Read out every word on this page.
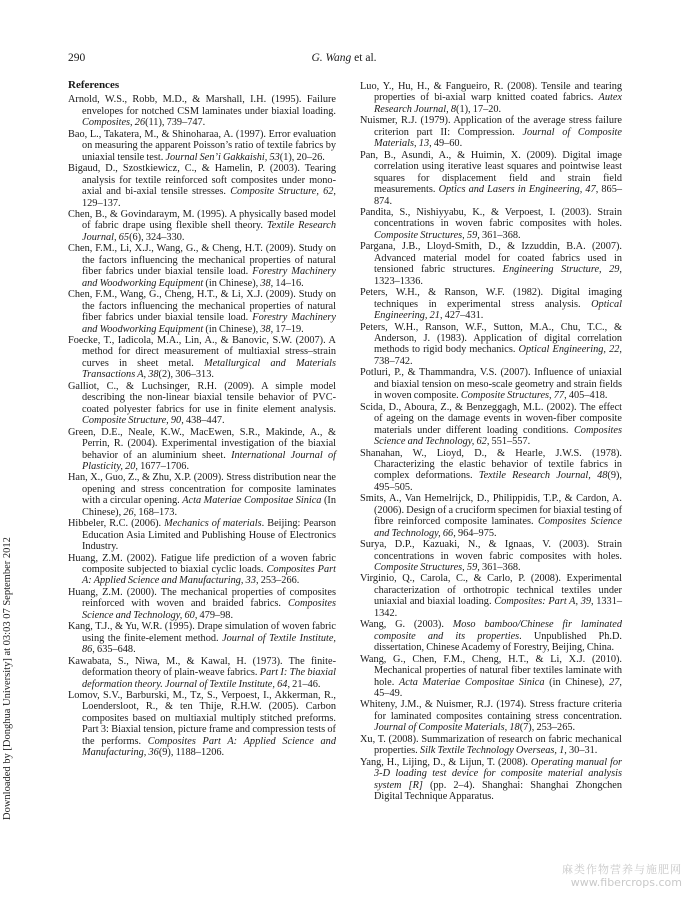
290	G. Wang et al.
Downloaded by [Donghua University] at 03:03 07 September 2012
References

Arnold, W.S., Robb, M.D., & Marshall, I.H. (1995). Failure envelopes for notched CSM laminates under biaxial loading. Composites, 26(11), 739–747.

Bao, L., Takatera, M., & Shinoharaa, A. (1997). Error evaluation on measuring the apparent Poisson’s ratio of textile fabrics by uniaxial tensile test. Journal Sen’i Gakkaishi, 53(1), 20–26.

Bigaud, D., Szostkiewicz, C., & Hamelin, P. (2003). Tearing analysis for textile reinforced soft composites under mono-axial and bi-axial tensile stresses. Composite Structure, 62, 129–137.

Chen, B., & Govindaraym, M. (1995). A physically based model of fabric drape using flexible shell theory. Textile Research Journal, 65(6), 324–330.

Chen, F.M., Li, X.J., Wang, G., & Cheng, H.T. (2009). Study on the factors influencing the mechanical properties of natural fiber fabrics under biaxial tensile load. Forestry Machinery and Woodworking Equipment (in Chinese), 38, 14–16.

Chen, F.M., Wang, G., Cheng, H.T., & Li, X.J. (2009). Study on the factors influencing the mechanical properties of natural fiber fabrics under biaxial tensile load. Forestry Machinery and Woodworking Equipment (in Chinese), 38, 17–19.

Foecke, T., Iadicola, M.A., Lin, A., & Banovic, S.W. (2007). A method for direct measurement of multiaxial stress–strain curves in sheet metal. Metallurgical and Materials Transactions A, 38(2), 306–313.

Galliot, C., & Luchsinger, R.H. (2009). A simple model describing the non-linear biaxial tensile behavior of PVC-coated polyester fabrics for use in finite element analysis. Composite Structure, 90, 438–447.

Green, D.E., Neale, K.W., MacEwen, S.R., Makinde, A., & Perrin, R. (2004). Experimental investigation of the biaxial behavior of an aluminium sheet. International Journal of Plasticity, 20, 1677–1706.

Han, X., Guo, Z., & Zhu, X.P. (2009). Stress distribution near the opening and stress concentration for composite laminates with a circular opening. Acta Materiae Compositae Sinica (In Chinese), 26, 168–173.

Hibbeler, R.C. (2006). Mechanics of materials. Beijing: Pearson Education Asia Limited and Publishing House of Electronics Industry.

Huang, Z.M. (2002). Fatigue life prediction of a woven fabric composite subjected to biaxial cyclic loads. Composites Part A: Applied Science and Manufacturing, 33, 253–266.

Huang, Z.M. (2000). The mechanical properties of composites reinforced with woven and braided fabrics. Composites Science and Technology, 60, 479–98.

Kang, T.J., & Yu, W.R. (1995). Drape simulation of woven fabric using the finite-element method. Journal of Textile Institute, 86, 635–648.

Kawabata, S., Niwa, M., & Kawal, H. (1973). The finite-deformation theory of plain-weave fabrics. Part I: The biaxial deformation theory. Journal of Textile Institute, 64, 21–46.

Lomov, S.V., Barburski, M., Tz, S., Verpoest, I., Akkerman, R., Loendersloot, R., & ten Thije, R.H.W. (2005). Carbon composites based on multiaxial multiply stitched preforms. Part 3: Biaxial tension, picture frame and compression tests of the performs. Composites Part A: Applied Science and Manufacturing, 36(9), 1188–1206.

Luo, Y., Hu, H., & Fangueiro, R. (2008). Tensile and tearing properties of bi-axial warp knitted coated fabrics. Autex Research Journal, 8(1), 17–20.

Nuismer, R.J. (1979). Application of the average stress failure criterion part II: Compression. Journal of Composite Materials, 13, 49–60.

Pan, B., Asundi, A., & Huimin, X. (2009). Digital image correlation using iterative least squares and pointwise least squares for displacement field and strain field measurements. Optics and Lasers in Engineering, 47, 865–874.

Pandita, S., Nishiyyabu, K., & Verpoest, I. (2003). Strain concentrations in woven fabric composites with holes. Composite Structures, 59, 361–368.

Pargana, J.B., Lloyd-Smith, D., & Izzuddin, B.A. (2007). Advanced material model for coated fabrics used in tensioned fabric structures. Engineering Structure, 29, 1323–1336.

Peters, W.H., & Ranson, W.F. (1982). Digital imaging techniques in experimental stress analysis. Optical Engineering, 21, 427–431.

Peters, W.H., Ranson, W.F., Sutton, M.A., Chu, T.C., & Anderson, J. (1983). Application of digital correlation methods to rigid body mechanics. Optical Engineering, 22, 738–742.

Potluri, P., & Thammandra, V.S. (2007). Influence of uniaxial and biaxial tension on meso-scale geometry and strain fields in woven composite. Composite Structures, 77, 405–418.

Scida, D., Aboura, Z., & Benzeggagh, M.L. (2002). The effect of ageing on the damage events in woven-fiber composite materials under different loading conditions. Composites Science and Technology, 62, 551–557.

Shanahan, W., Lioyd, D., & Hearle, J.W.S. (1978). Characterizing the elastic behavior of textile fabrics in complex deformations. Textile Research Journal, 48(9), 495–505.

Smits, A., Van Hemelrijck, D., Philippidis, T.P., & Cardon, A. (2006). Design of a cruciform specimen for biaxial testing of fibre reinforced composite laminates. Composites Science and Technology, 66, 964–975.

Surya, D.P., Kazuaki, N., & Ignaas, V. (2003). Strain concentrations in woven fabric composites with holes. Composite Structures, 59, 361–368.

Virginio, Q., Carola, C., & Carlo, P. (2008). Experimental characterization of orthotropic technical textiles under uniaxial and biaxial loading. Composites: Part A, 39, 1331–1342.

Wang, G. (2003). Moso bamboo/Chinese fir laminated composite and its properties. Unpublished Ph.D. dissertation, Chinese Academy of Forestry, Beijing, China.

Wang, G., Chen, F.M., Cheng, H.T., & Li, X.J. (2010). Mechanical properties of natural fiber textiles laminate with hole. Acta Materiae Compositae Sinica (in Chinese), 27, 45–49.

Whiteny, J.M., & Nuismer, R.J. (1974). Stress fracture criteria for laminated composites containing stress concentration. Journal of Composite Materials, 18(7), 253–265.

Xu, T. (2008). Summarization of research on fabric mechanical properties. Silk Textile Technology Overseas, 1, 30–31.

Yang, H., Lijing, D., & Lijun, T. (2008). Operating manual for 3-D loading test device for composite material analysis system [R] (pp. 2–4). Shanghai: Shanghai Zhongchen Digital Technique Apparatus.

麻类作物营养与施肥网
www.fibercrops.com
